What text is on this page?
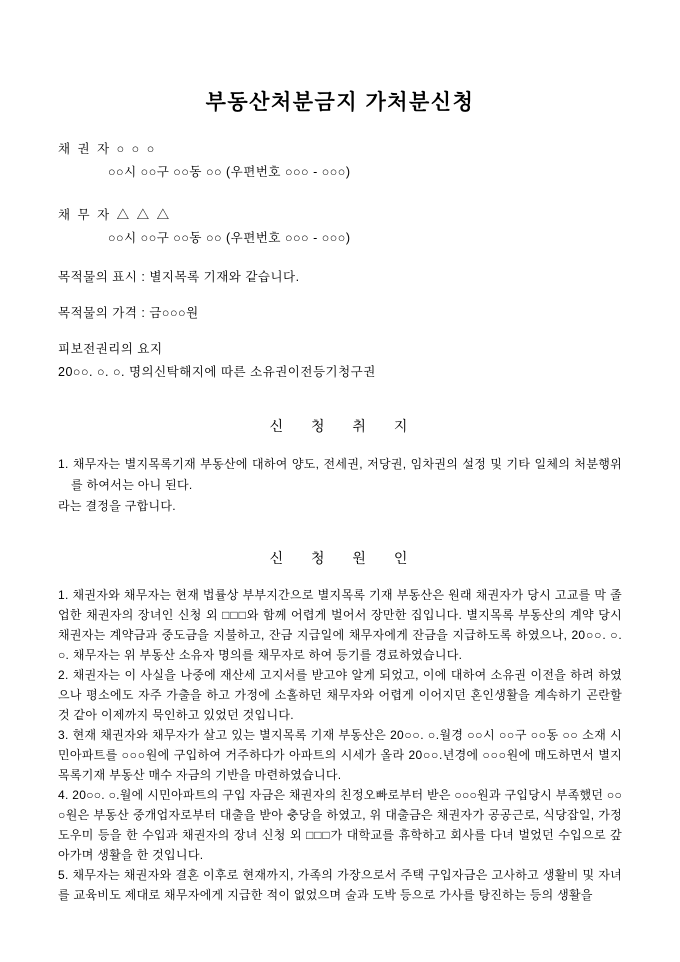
부동산처분금지 가처분신청
채 권 자 ○ ○ ○
○○시 ○○구 ○○동 ○○ (우편번호 ○○○ - ○○○)
채 무 자 △ △ △
○○시 ○○구 ○○동 ○○ (우편번호 ○○○ - ○○○)
목적물의 표시 : 별지목록 기재와 같습니다.
목적물의 가격 : 금○○○원
피보전권리의 요지
20○○. ○. ○. 명의신탁해지에 따른 소유권이전등기청구권
신 청 취 지

1. 채무자는 별지목록기재 부동산에 대하여 양도, 전세권, 저당권, 임차권의 설정 및 기타 일체의 처분행위를 하여서는 아니 된다.

라는 결정을 구합니다.

신 청 원 인

1. 채권자와 채무자는 현재 법률상 부부지간으로 별지목록 기재 부동산은 원래 채권자가 당시 고교를 막 졸업한 채권자의 장녀인 신청 외 □□□와 함께 어렵게 벌어서 장만한 집입니다. 별지목록 부동산의 계약 당시 채권자는 계약금과 중도금을 지불하고, 잔금 지급일에 채무자에게 잔금을 지급하도록 하였으나, 20○○. ○. ○. 채무자는 위 부동산 소유자 명의를 채무자로 하여 등기를 경료하였습니다.

2. 채권자는 이 사실을 나중에 재산세 고지서를 받고야 알게 되었고, 이에 대하여 소유권 이전을 하려 하였으나 평소에도 자주 가출을 하고 가정에 소홀하던 채무자와 어렵게 이어지던 혼인생활을 계속하기 곤란할 것 같아 이제까지 묵인하고 있었던 것입니다.

3. 현재 채권자와 채무자가 살고 있는 별지목록 기재 부동산은 20○○. ○.월경 ○○시 ○○구 ○○동 ○○ 소재 시민아파트를 ○○○원에 구입하여 거주하다가 아파트의 시세가 올라 20○○.년경에 ○○○원에 매도하면서 별지목록기재 부동산 매수 자금의 기반을 마련하였습니다.

4. 20○○. ○.월에 시민아파트의 구입 자금은 채권자의 친정오빠로부터 받은 ○○○원과 구입당시 부족했던 ○○○원은 부동산 중개업자로부터 대출을 받아 충당을 하였고, 위 대출금은 채권자가 공공근로, 식당잡일, 가정도우미 등을 한 수입과 채권자의 장녀 신청 외 □□□가 대학교를 휴학하고 회사를 다녀 벌었던 수입으로 갚아가며 생활을 한 것입니다.

5. 채무자는 채권자와 결혼 이후로 현재까지, 가족의 가장으로서 주택 구입자금은 고사하고 생활비 및 자녀를 교육비도 제대로 채무자에게 지급한 적이 없었으며 술과 도박 등으로 가사를 탕진하는 등의 생활을
